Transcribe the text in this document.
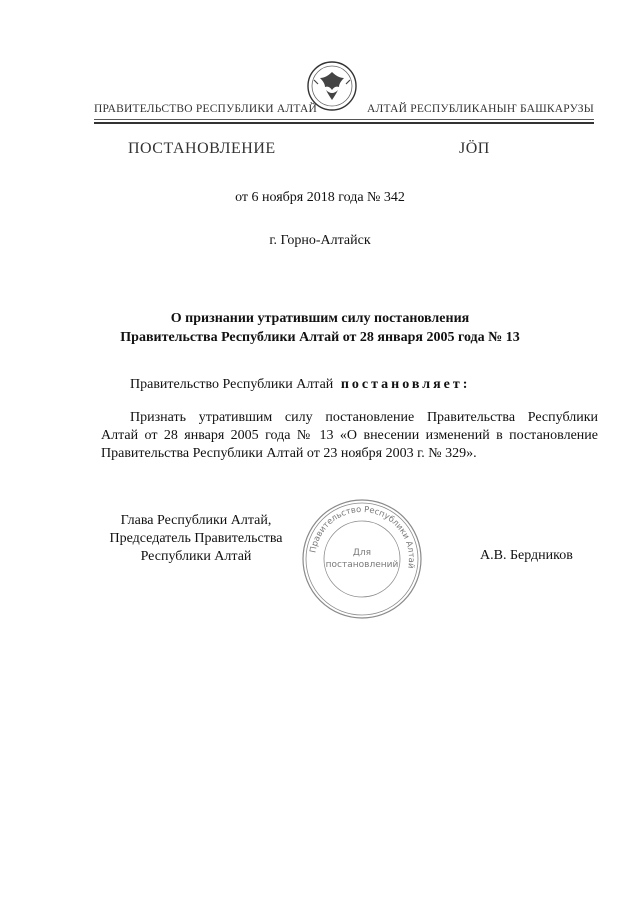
ПРАВИТЕЛЬСТВО РЕСПУБЛИКИ АЛТАЙ	АЛТАЙ РЕСПУБЛИКАНЫҤ БАШКАРУЗЫ
ПОСТАНОВЛЕНИЕ	JÖП
от 6 ноября 2018 года № 342
г. Горно-Алтайск
О признании утратившим силу постановления
Правительства Республики Алтай от 28 января 2005 года № 13
Правительство Республики Алтай постановляет:
Признать утратившим силу постановление Правительства Республики
Алтай от 28 января 2005 года № 13 «О внесении изменений в постановление
Правительства Республики Алтай от 23 ноября 2003 г. № 329».
Глава Республики Алтай,
Председатель Правительства
Республики Алтай	Правительство Республики Алтай
Для
постановлений
А.В. Бердников
